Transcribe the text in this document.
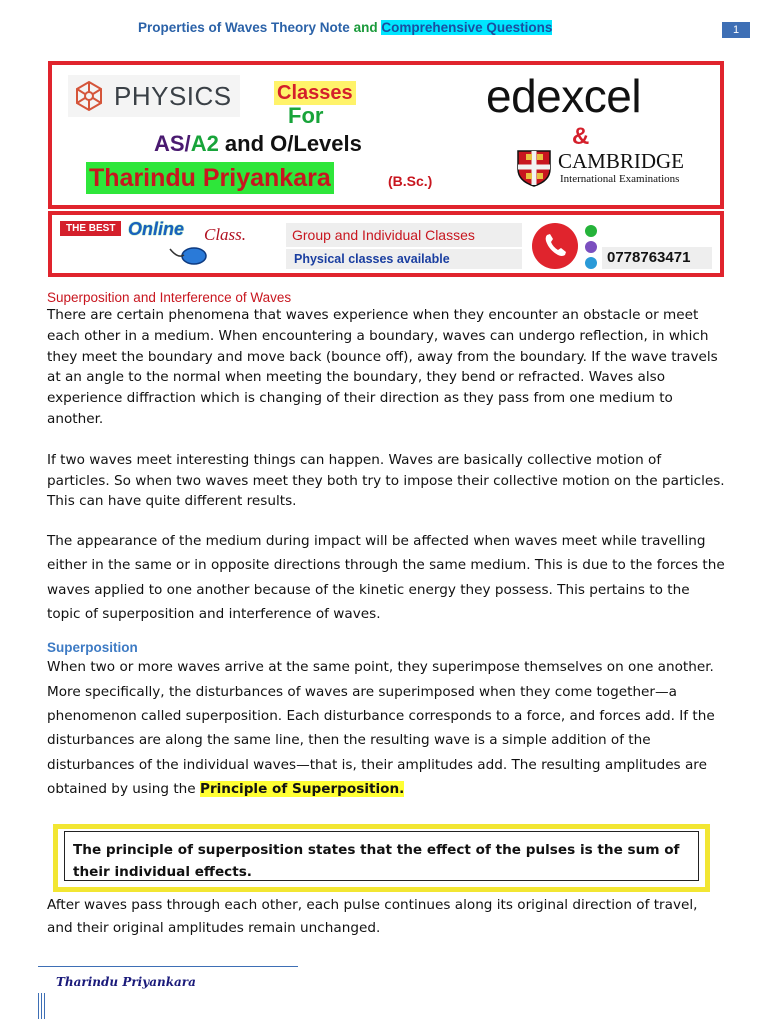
Properties of Waves Theory Note and Comprehensive Questions	1
PHYSICS Classes
For
AS/A2 and O/Levels
Tharindu Priyankara	(B.Sc.)
edexcel
&
CAMBRIDGE
International Examinations
THE BEST Online Class.	Group and Individual Classes
Physical classes available	0778763471
Superposition and Interference of Waves

There are certain phenomena that waves experience when they encounter an obstacle or meet each other in a medium. When encountering a boundary, waves can undergo reflection, in which they meet the boundary and move back (bounce off), away from the boundary. If the wave travels at an angle to the normal when meeting the boundary, they bend or refracted. Waves also experience diffraction which is changing of their direction as they pass from one medium to another.

If two waves meet interesting things can happen. Waves are basically collective motion of particles. So when two waves meet they both try to impose their collective motion on the particles. This can have quite different results.

The appearance of the medium during impact will be affected when waves meet while travelling either in the same or in opposite directions through the same medium. This is due to the forces the waves applied to one another because of the kinetic energy they possess. This pertains to the topic of superposition and interference of waves.

Superposition

When two or more waves arrive at the same point, they superimpose themselves on one another. More specifically, the disturbances of waves are superimposed when they come together—a phenomenon called superposition. Each disturbance corresponds to a force, and forces add. If the disturbances are along the same line, then the resulting wave is a simple addition of the disturbances of the individual waves—that is, their amplitudes add. The resulting amplitudes are obtained by using the Principle of Superposition.

The principle of superposition states that the effect of the pulses is the sum of their individual effects.
After waves pass through each other, each pulse continues along its original direction of travel, and their original amplitudes remain unchanged.
Tharindu Priyankara
